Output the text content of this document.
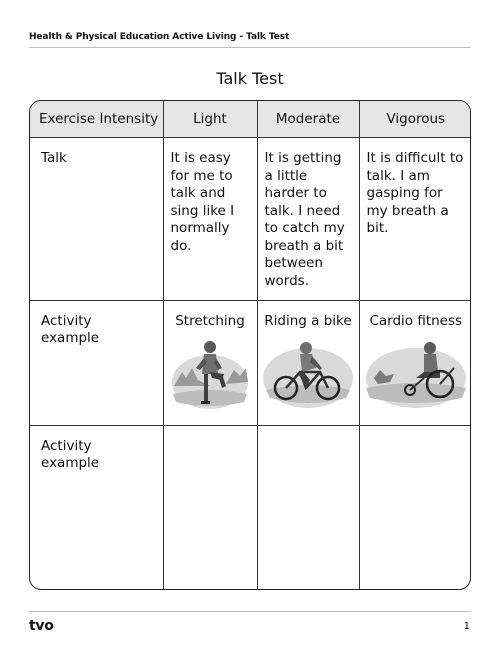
Health & Physical Education Active Living - Talk Test
Talk Test
Exercise Intensity	Light	Moderate	Vigorous
Talk	It is easy for me to talk and sing like I normally do.	It is getting a little harder to talk. I need to catch my breath a bit between words.	It is difficult to talk. I am gasping for my breath a bit.
Activity example	Stretching	Riding a bike	Cardio fitness

Activity example			
tvo	1
